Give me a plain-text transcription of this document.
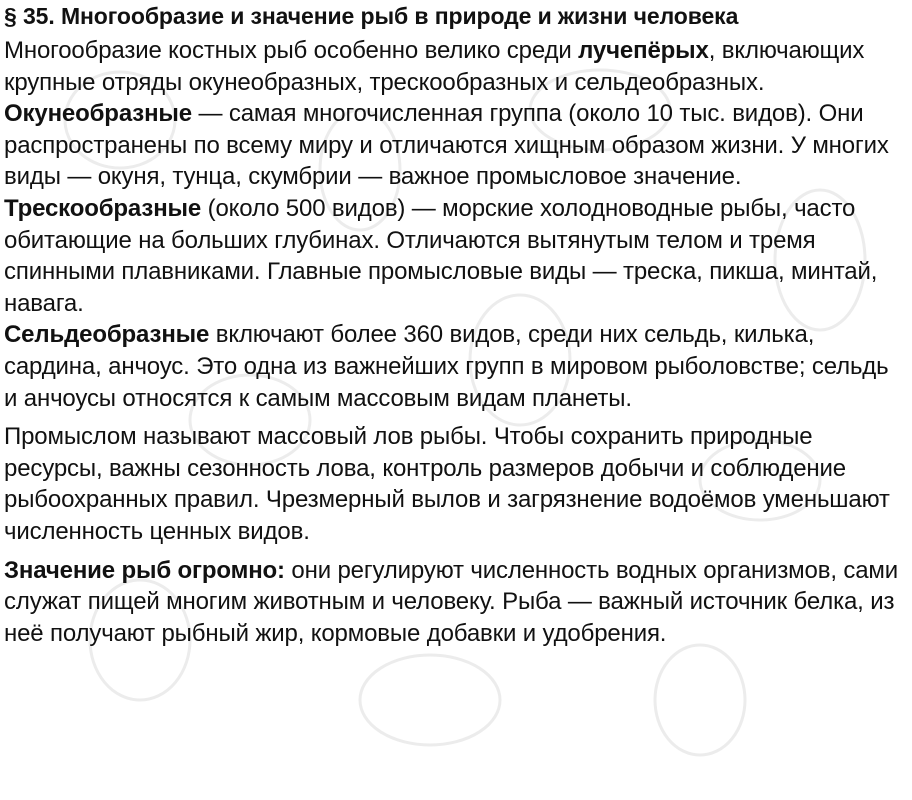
§ 35. Многообразие и значение рыб в природе и жизни человека

Многообразие костных рыб особенно велико среди лучепёрых, включающих крупные отряды окунеобразных, трескообразных и сельдеобразных.

Окунеобразные — самая многочисленная группа (около 10 тыс. видов). Они распространены по всему миру и отличаются хищным образом жизни. У многих виды — окуня, тунца, скумбрии — важное промысловое значение.

Трескообразные (около 500 видов) — морские холодноводные рыбы, часто обитающие на больших глубинах. Отличаются вытянутым телом и тремя спинными плавниками. Главные промысловые виды — треска, пикша, минтай, навага.

Сельдеобразные включают более 360 видов, среди них сельдь, килька, сардина, анчоус. Это одна из важнейших групп в мировом рыболовстве; сельдь и анчоусы относятся к самым массовым видам планеты.

Промыслом называют массовый лов рыбы. Чтобы сохранить природные ресурсы, важны сезонность лова, контроль размеров добычи и соблюдение рыбоохранных правил. Чрезмерный вылов и загрязнение водоёмов уменьшают численность ценных видов.

Значение рыб огромно: они регулируют численность водных организмов, сами служат пищей многим животным и человеку. Рыба — важный источник белка, из неё получают рыбный жир, кормовые добавки и удобрения.
